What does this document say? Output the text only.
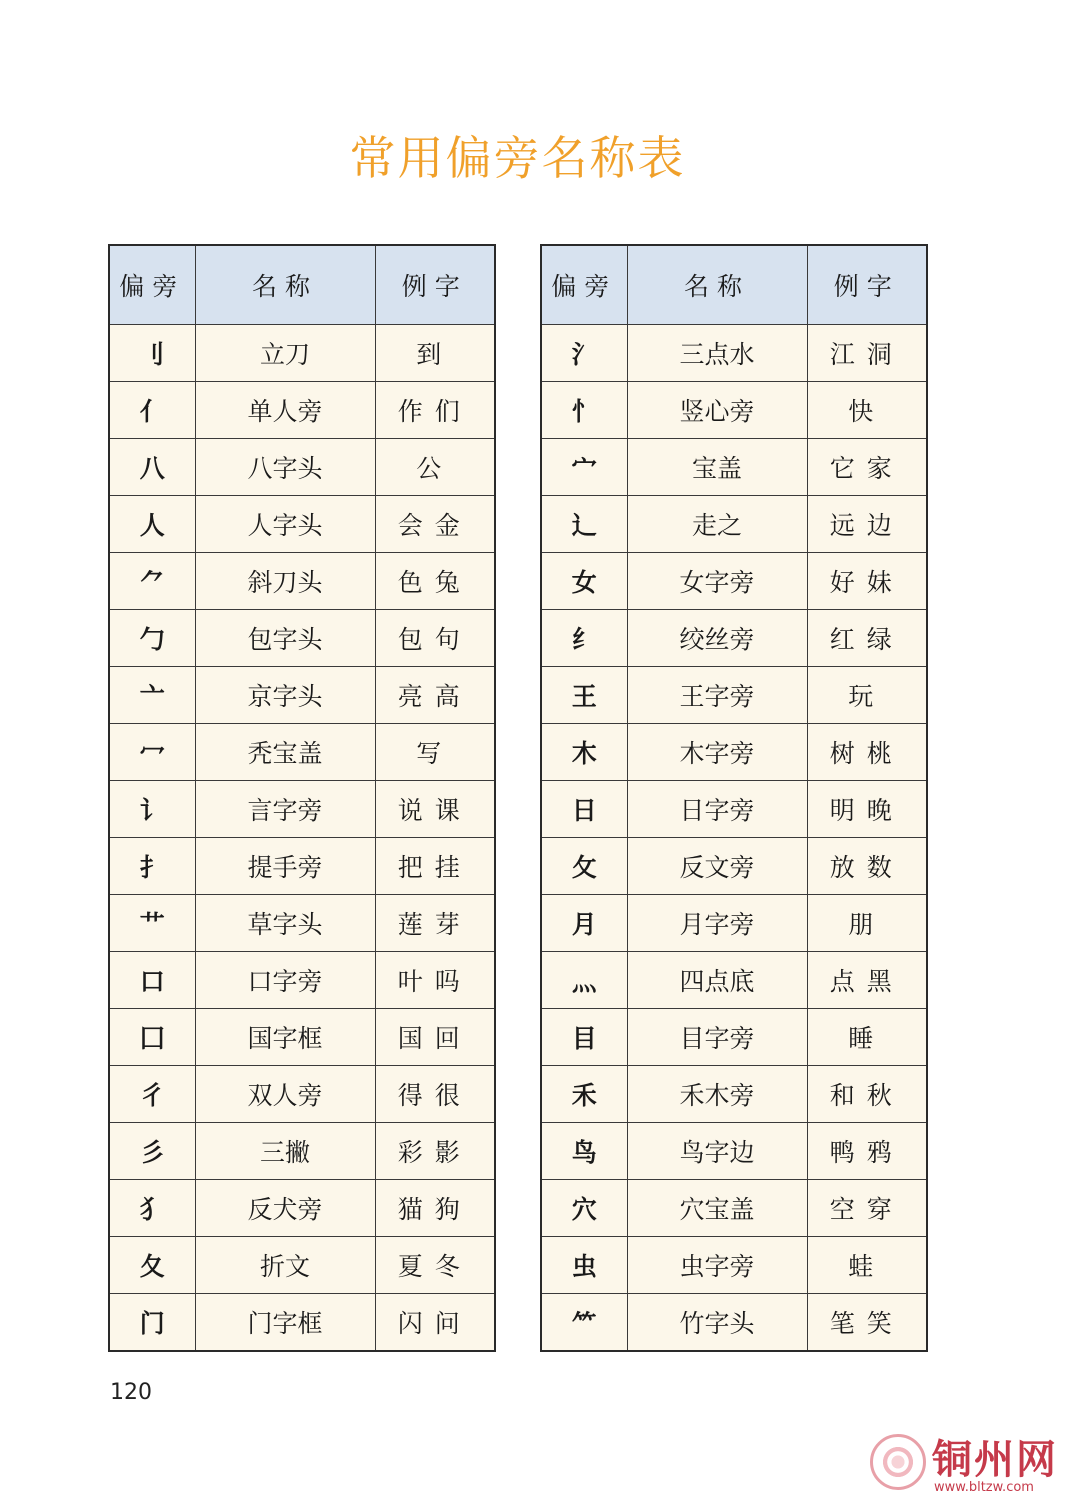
常用偏旁名称表
偏旁	名称	例字
刂	立刀	到
亻	单人旁	作们
八	八字头	公
人	人字头	会金
⺈	斜刀头	色兔
勹	包字头	包句
亠	京字头	亮高
冖	秃宝盖	写
讠	言字旁	说课
扌	提手旁	把挂
艹	草字头	莲芽
口	口字旁	叶吗
囗	国字框	国回
彳	双人旁	得很
彡	三撇	彩影
犭	反犬旁	猫狗
夂	折文	夏冬
门	门字框	闪问
偏旁	名称	例字
氵	三点水	江洞
忄	竖心旁	快
宀	宝盖	它家
辶	走之	远边
女	女字旁	好妹
纟	绞丝旁	红绿
王	王字旁	玩
木	木字旁	树桃
日	日字旁	明晚
攵	反文旁	放数
月	月字旁	朋
灬	四点底	点黑
目	目字旁	睡
禾	禾木旁	和秋
鸟	鸟字边	鸭鸦
穴	穴宝盖	空穿
虫	虫字旁	蛙
⺮	竹字头	笔笑
120
铜州网
www.bltzw.com
